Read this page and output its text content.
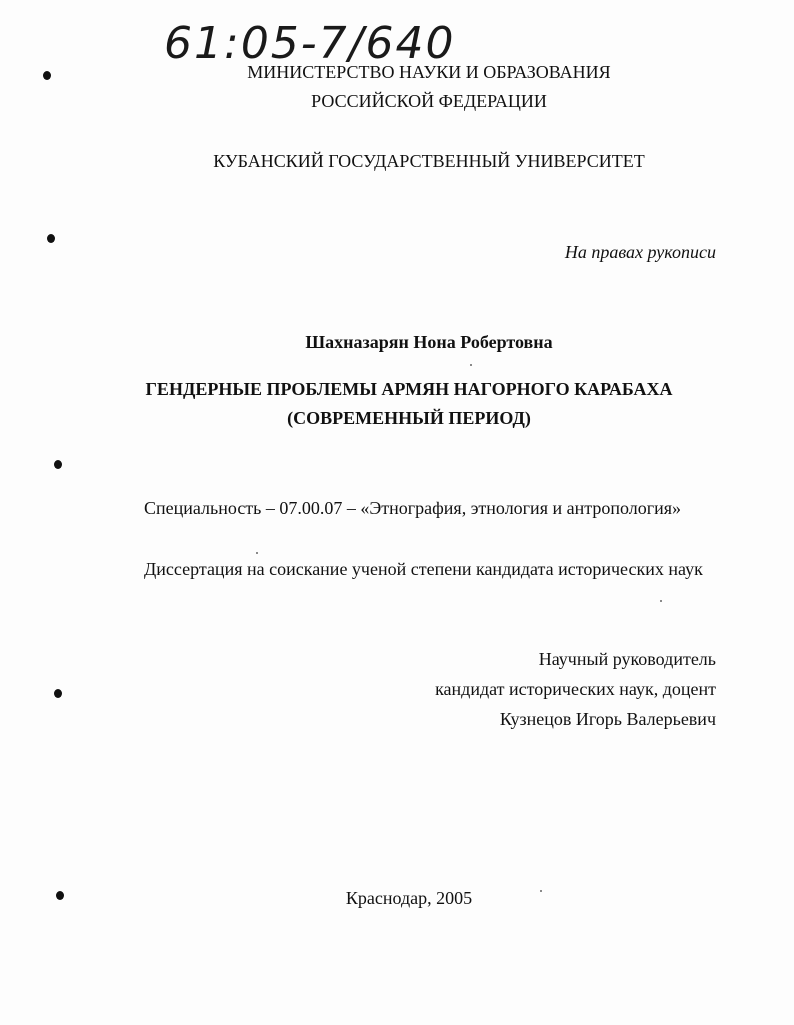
61:05-7/640
МИНИСТЕРСТВО НАУКИ И ОБРАЗОВАНИЯ
РОССИЙСКОЙ ФЕДЕРАЦИИ
КУБАНСКИЙ ГОСУДАРСТВЕННЫЙ УНИВЕРСИТЕТ
На правах рукописи
Шахназарян Нона Робертовна
ГЕНДЕРНЫЕ ПРОБЛЕМЫ АРМЯН НАГОРНОГО КАРАБАХА
(СОВРЕМЕННЫЙ ПЕРИОД)
Специальность – 07.00.07 – «Этнография, этнология и антропология»
Диссертация на соискание ученой степени кандидата исторических наук
Научный руководитель
кандидат исторических наук, доцент
Кузнецов Игорь Валерьевич
Краснодар, 2005
